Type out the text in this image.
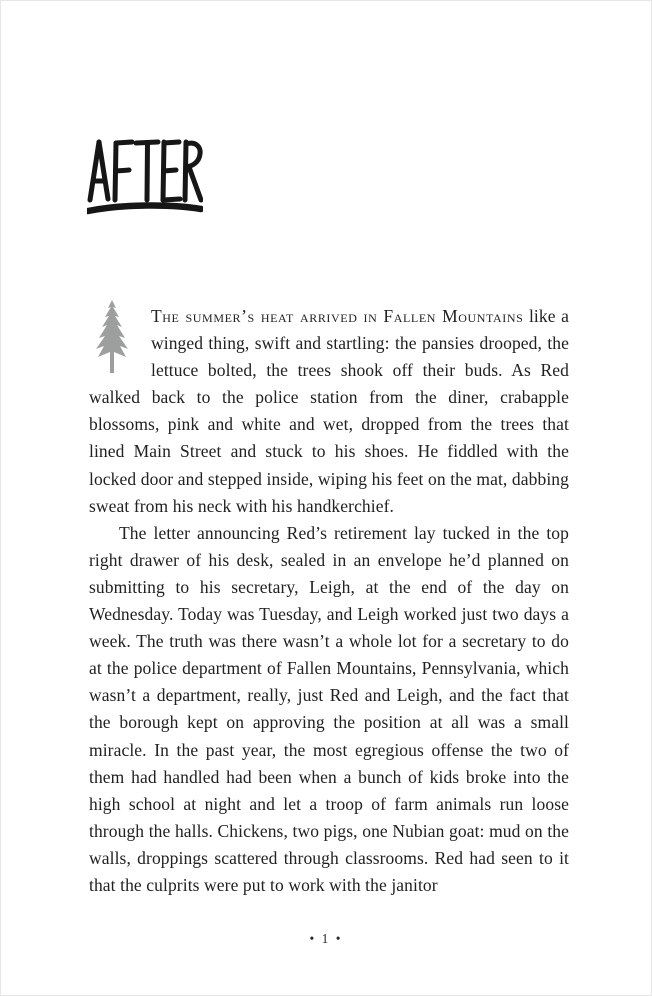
The summer’s heat arrived in Fallen Mountains like a winged thing, swift and startling: the pansies drooped, the lettuce bolted, the trees shook off their buds. As Red walked back to the police station from the diner, crabapple blossoms, pink and white and wet, dropped from the trees that lined Main Street and stuck to his shoes. He fiddled with the locked door and stepped inside, wiping his feet on the mat, dabbing sweat from his neck with his handkerchief.

The letter announcing Red’s retirement lay tucked in the top right drawer of his desk, sealed in an envelope he’d planned on submitting to his secretary, Leigh, at the end of the day on Wednesday. Today was Tuesday, and Leigh worked just two days a week. The truth was there wasn’t a whole lot for a secretary to do at the police department of Fallen Mountains, Pennsylvania, which wasn’t a department, really, just Red and Leigh, and the fact that the borough kept on approving the position at all was a small miracle. In the past year, the most egregious offense the two of them had handled had been when a bunch of kids broke into the high school at night and let a troop of farm animals run loose through the halls. Chickens, two pigs, one Nubian goat: mud on the walls, droppings scattered through classrooms. Red had seen to it that the culprits were put to work with the janitor

• 1 •
